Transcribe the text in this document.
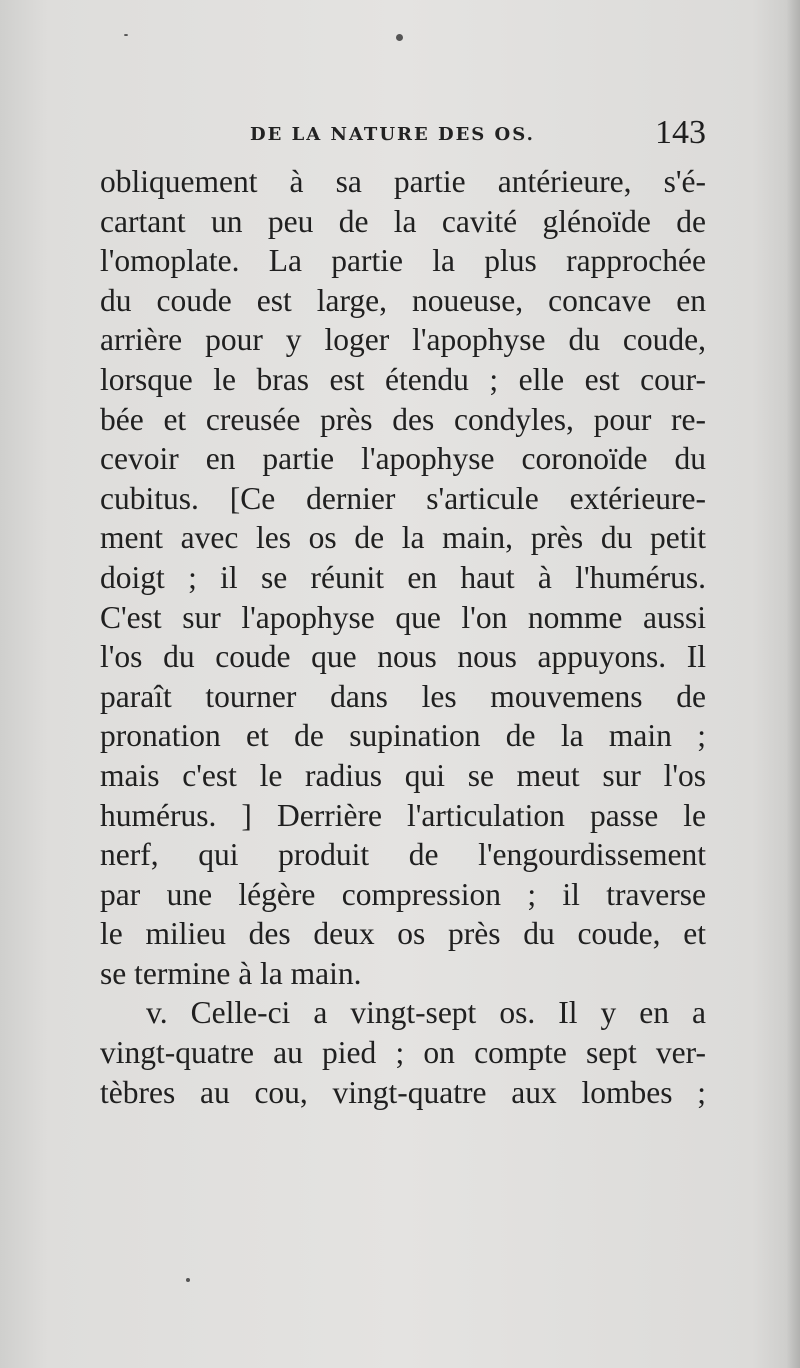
DE LA NATURE DES OS.	143
obliquement à sa partie antérieure, s'é-
cartant un peu de la cavité glénoïde de
l'omoplate. La partie la plus rapprochée
du coude est large, noueuse, concave en
arrière pour y loger l'apophyse du coude,
lorsque le bras est étendu ; elle est cour-
bée et creusée près des condyles, pour re-
cevoir en partie l'apophyse coronoïde du
cubitus. [Ce dernier s'articule extérieure-
ment avec les os de la main, près du petit
doigt ; il se réunit en haut à l'humérus.
C'est sur l'apophyse que l'on nomme aussi
l'os du coude que nous nous appuyons. Il
paraît tourner dans les mouvemens de
pronation et de supination de la main ;
mais c'est le radius qui se meut sur l'os
humérus. ] Derrière l'articulation passe le
nerf, qui produit de l'engourdissement
par une légère compression ; il traverse
le milieu des deux os près du coude, et
se termine à la main.
v. Celle-ci a vingt-sept os. Il y en a
vingt-quatre au pied ; on compte sept ver-
tèbres au cou, vingt-quatre aux lombes ;
